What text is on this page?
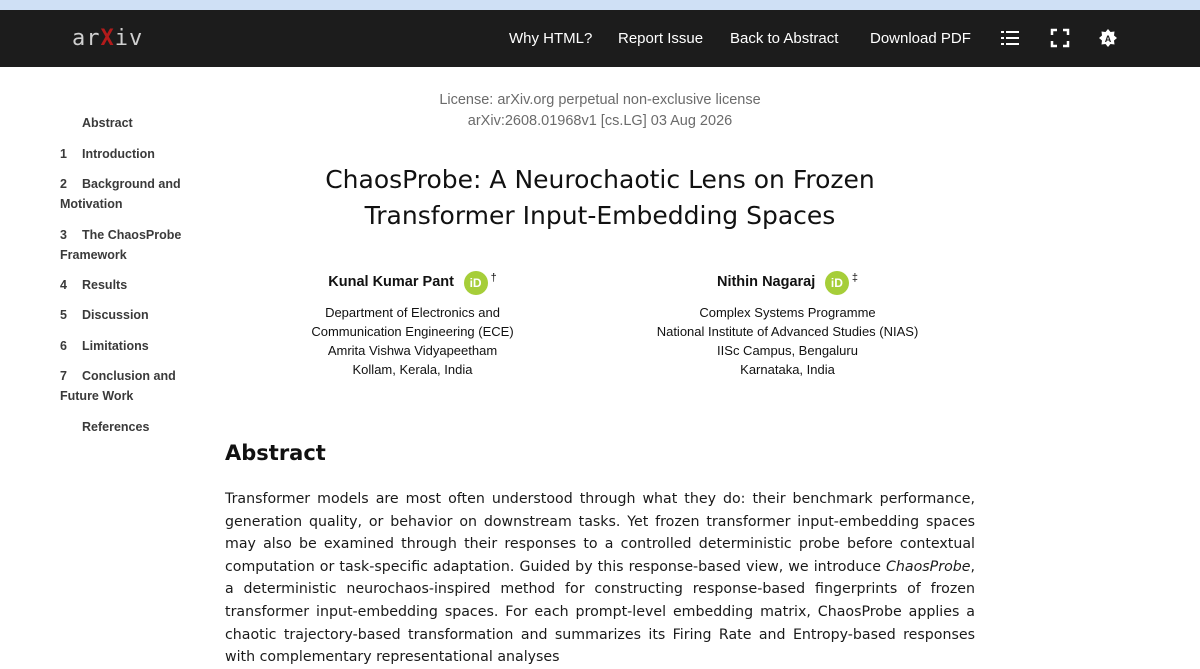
arXiv	Why HTML? Report Issue Back to Abstract Download PDF	A
Abstract
1 Introduction
2 Background and Motivation
3 The ChaosProbe Framework
4 Results
5 Discussion
6 Limitations
7 Conclusion and Future Work
References
License: arXiv.org perpetual non-exclusive license
arXiv:2608.01968v1 [cs.LG] 03 Aug 2026
ChaosProbe: A Neurochaotic Lens on Frozen
Transformer Input-Embedding Spaces
Kunal Kumar Pant iD †
Department of Electronics and
Communication Engineering (ECE)
Amrita Vishwa Vidyapeetham
Kollam, Kerala, India
Nithin Nagaraj iD ‡
Complex Systems Programme
National Institute of Advanced Studies (NIAS)
IISc Campus, Bengaluru
Karnataka, India
Abstract

Transformer models are most often understood through what they do: their benchmark performance, generation quality, or behavior on downstream tasks. Yet frozen transformer input-embedding spaces may also be examined through their responses to a controlled deterministic probe before contextual computation or task-specific adaptation. Guided by this response-based view, we introduce ChaosProbe, a deterministic neurochaos-inspired method for constructing response-based fingerprints of frozen transformer input-embedding spaces. For each prompt-level embedding matrix, ChaosProbe applies a chaotic trajectory-based transformation and summarizes its Firing Rate and Entropy-based responses with complementary representational analyses
